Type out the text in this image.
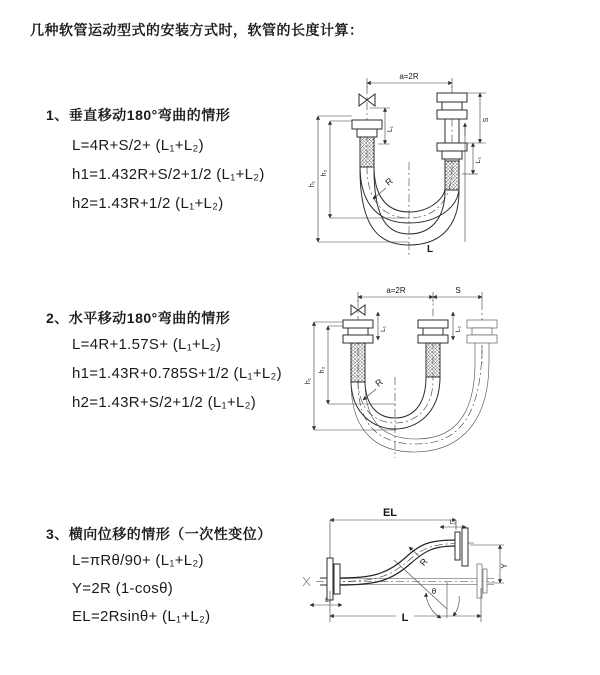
几种软管运动型式的安装方式时，软管的长度计算：
1、垂直移动180°弯曲的情形
L=4R+S/2+ (L₁+L₂)
h1=1.432R+S/2+1/2 (L₁+L₂)
h2=1.43R+1/2 (L₁+L₂)
2、水平移动180°弯曲的情形
L=4R+1.57S+ (L₁+L₂)
h1=1.43R+0.785S+1/2 (L₁+L₂)
h2=1.43R+S/2+1/2 (L₁+L₂)
3、横向位移的情形（一次性变位）
L=πRθ/90+ (L₁+L₂)
Y=2R (1-cosθ)
EL=2Rsinθ+ (L₁+L₂)
a=2R
L₁
S
L₂
h₁
h₂
R
L
a=2R	S
L₁	L₂
h₁
h₂
R
θ
EL
L₂
Y
R
L₁
L
